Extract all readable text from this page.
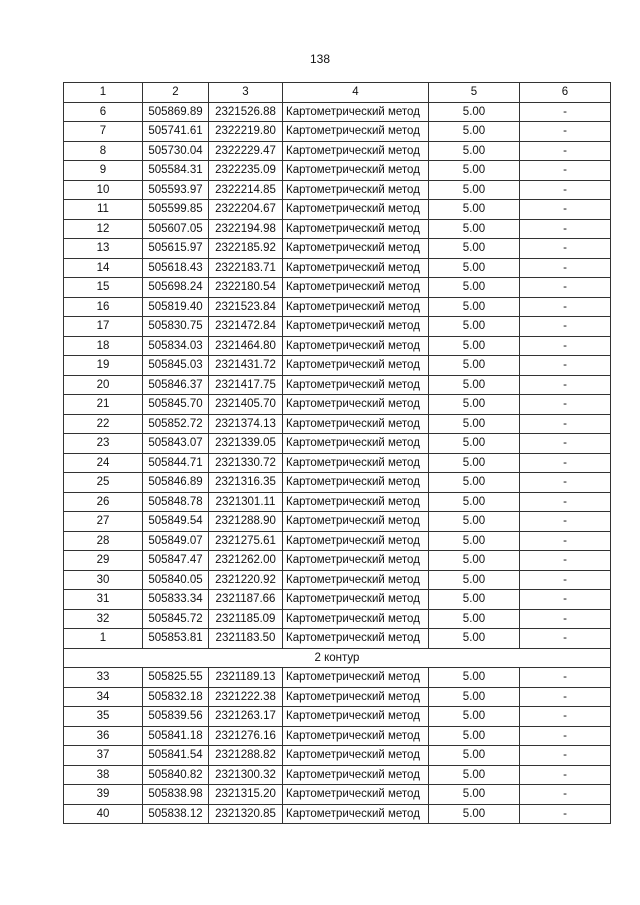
138
1	2	3	4	5	6
6	505869.89	2321526.88	Картометрический метод	5.00	-
7	505741.61	2322219.80	Картометрический метод	5.00	-
8	505730.04	2322229.47	Картометрический метод	5.00	-
9	505584.31	2322235.09	Картометрический метод	5.00	-
10	505593.97	2322214.85	Картометрический метод	5.00	-
11	505599.85	2322204.67	Картометрический метод	5.00	-
12	505607.05	2322194.98	Картометрический метод	5.00	-
13	505615.97	2322185.92	Картометрический метод	5.00	-
14	505618.43	2322183.71	Картометрический метод	5.00	-
15	505698.24	2322180.54	Картометрический метод	5.00	-
16	505819.40	2321523.84	Картометрический метод	5.00	-
17	505830.75	2321472.84	Картометрический метод	5.00	-
18	505834.03	2321464.80	Картометрический метод	5.00	-
19	505845.03	2321431.72	Картометрический метод	5.00	-
20	505846.37	2321417.75	Картометрический метод	5.00	-
21	505845.70	2321405.70	Картометрический метод	5.00	-
22	505852.72	2321374.13	Картометрический метод	5.00	-
23	505843.07	2321339.05	Картометрический метод	5.00	-
24	505844.71	2321330.72	Картометрический метод	5.00	-
25	505846.89	2321316.35	Картометрический метод	5.00	-
26	505848.78	2321301.11	Картометрический метод	5.00	-
27	505849.54	2321288.90	Картометрический метод	5.00	-
28	505849.07	2321275.61	Картометрический метод	5.00	-
29	505847.47	2321262.00	Картометрический метод	5.00	-
30	505840.05	2321220.92	Картометрический метод	5.00	-
31	505833.34	2321187.66	Картометрический метод	5.00	-
32	505845.72	2321185.09	Картометрический метод	5.00	-
1	505853.81	2321183.50	Картометрический метод	5.00	-
2 контур					
33	505825.55	2321189.13	Картометрический метод	5.00	-
34	505832.18	2321222.38	Картометрический метод	5.00	-
35	505839.56	2321263.17	Картометрический метод	5.00	-
36	505841.18	2321276.16	Картометрический метод	5.00	-
37	505841.54	2321288.82	Картометрический метод	5.00	-
38	505840.82	2321300.32	Картометрический метод	5.00	-
39	505838.98	2321315.20	Картометрический метод	5.00	-
40	505838.12	2321320.85	Картометрический метод	5.00	-
